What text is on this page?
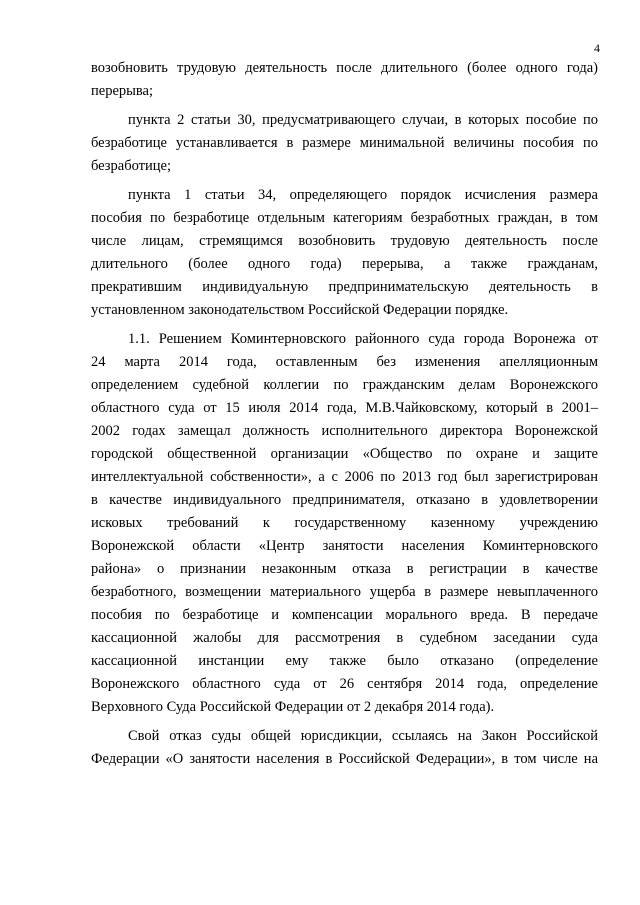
4
возобновить трудовую деятельность после длительного (более одного года)
перерыва;
пункта 2 статьи 30, предусматривающего случаи, в которых пособие по
безработице устанавливается в размере минимальной величины пособия по
безработице;
пункта 1 статьи 34, определяющего порядок исчисления размера
пособия по безработице отдельным категориям безработных граждан, в том
числе лицам, стремящимся возобновить трудовую деятельность после
длительного (более одного года) перерыва, а также гражданам,
прекратившим индивидуальную предпринимательскую деятельность в
установленном законодательством Российской Федерации порядке.
1.1. Решением Коминтерновского районного суда города Воронежа от
24 марта 2014 года, оставленным без изменения апелляционным
определением судебной коллегии по гражданским делам Воронежского
областного суда от 15 июля 2014 года, М.В.Чайковскому, который в 2001–
2002 годах замещал должность исполнительного директора Воронежской
городской общественной организации «Общество по охране и защите
интеллектуальной собственности», а с 2006 по 2013 год был зарегистрирован
в качестве индивидуального предпринимателя, отказано в удовлетворении
исковых требований к государственному казенному учреждению
Воронежской области «Центр занятости населения Коминтерновского
района» о признании незаконным отказа в регистрации в качестве
безработного, возмещении материального ущерба в размере невыплаченного
пособия по безработице и компенсации морального вреда. В передаче
кассационной жалобы для рассмотрения в судебном заседании суда
кассационной инстанции ему также было отказано (определение
Воронежского областного суда от 26 сентября 2014 года, определение
Верховного Суда Российской Федерации от 2 декабря 2014 года).
Свой отказ суды общей юрисдикции, ссылаясь на Закон Российской
Федерации «О занятости населения в Российской Федерации», в том числе на
